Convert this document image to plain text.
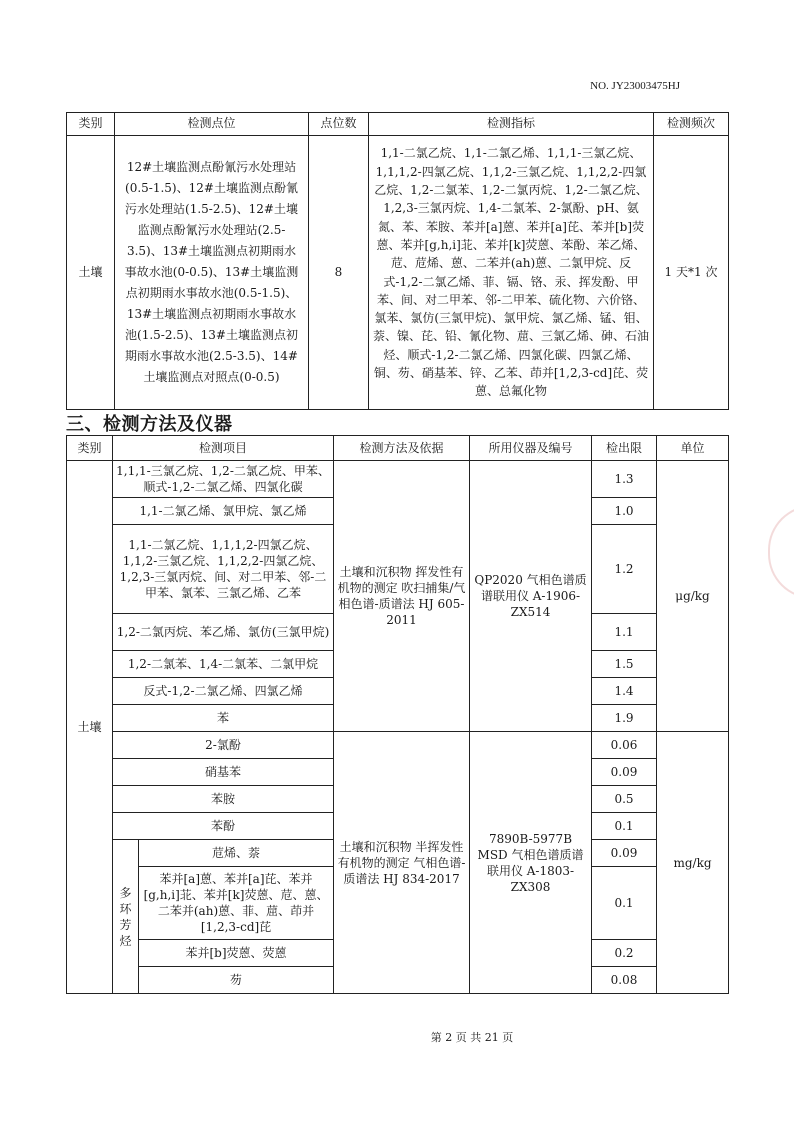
NO. JY23003475HJ
类别	检测点位	点位数	检测指标	检测频次
土壤	12#土壤监测点酚氰污水处理站(0.5-1.5)、12#土壤监测点酚氰污水处理站(1.5-2.5)、12#土壤监测点酚氰污水处理站(2.5-3.5)、13#土壤监测点初期雨水事故水池(0-0.5)、13#土壤监测点初期雨水事故水池(0.5-1.5)、13#土壤监测点初期雨水事故水池(1.5-2.5)、13#土壤监测点初期雨水事故水池(2.5-3.5)、14#土壤监测点对照点(0-0.5)	8	1,1-二氯乙烷、1,1-二氯乙烯、1,1,1-三氯乙烷、1,1,1,2-四氯乙烷、1,1,2-三氯乙烷、1,1,2,2-四氯乙烷、1,2-二氯苯、1,2-二氯丙烷、1,2-二氯乙烷、1,2,3-三氯丙烷、1,4-二氯苯、2-氯酚、pH、氨氮、苯、苯胺、苯并[a]蒽、苯并[a]芘、苯并[b]荧蒽、苯并[g,h,i]苝、苯并[k]荧蒽、苯酚、苯乙烯、苊、苊烯、蒽、二苯并(ah)蒽、二氯甲烷、反式-1,2-二氯乙烯、菲、镉、铬、汞、挥发酚、甲苯、间、对二甲苯、邻-二甲苯、硫化物、六价铬、氯苯、氯仿(三氯甲烷)、氯甲烷、氯乙烯、锰、钼、萘、镍、芘、铅、氰化物、䓛、三氯乙烯、砷、石油烃、顺式-1,2-二氯乙烯、四氯化碳、四氯乙烯、铜、芴、硝基苯、锌、乙苯、茚并[1,2,3-cd]芘、荧蒽、总氟化物	1 天*1 次
三、检测方法及仪器
类别	检测项目		检测方法及依据	所用仪器及编号	检出限	单位
土壤	1,1,1-三氯乙烷、1,2-二氯乙烷、甲苯、顺式-1,2-二氯乙烯、四氯化碳		土壤和沉积物 挥发性有机物的测定 吹扫捕集/气相色谱-质谱法 HJ 605-2011	QP2020 气相色谱质谱联用仪 A-1906-ZX514	1.3	μg/kg
	1,1-二氯乙烯、氯甲烷、氯乙烯				1.0	
	1,1-二氯乙烷、1,1,1,2-四氯乙烷、1,1,2-三氯乙烷、1,1,2,2-四氯乙烷、1,2,3-三氯丙烷、间、对二甲苯、邻-二甲苯、氯苯、三氯乙烯、乙苯				1.2	
	1,2-二氯丙烷、苯乙烯、氯仿(三氯甲烷)				1.1	
	1,2-二氯苯、1,4-二氯苯、二氯甲烷				1.5	
	反式-1,2-二氯乙烯、四氯乙烯				1.4	
	苯				1.9	
	2-氯酚		土壤和沉积物 半挥发性有机物的测定 气相色谱-质谱法 HJ 834-2017	7890B-5977B MSD 气相色谱质谱联用仪 A-1803-ZX308	0.06	mg/kg
	硝基苯				0.09	
	苯胺				0.5	
	苯酚				0.1	
	多环芳烃	苊烯、萘			0.09	
		苯并[a]蒽、苯并[a]芘、苯并[g,h,i]苝、苯并[k]荧蒽、苊、蒽、二苯并(ah)蒽、菲、䓛、茚并[1,2,3-cd]芘			0.1	
		苯并[b]荧蒽、荧蒽			0.2	
		芴			0.08	
第 2 页 共 21 页
